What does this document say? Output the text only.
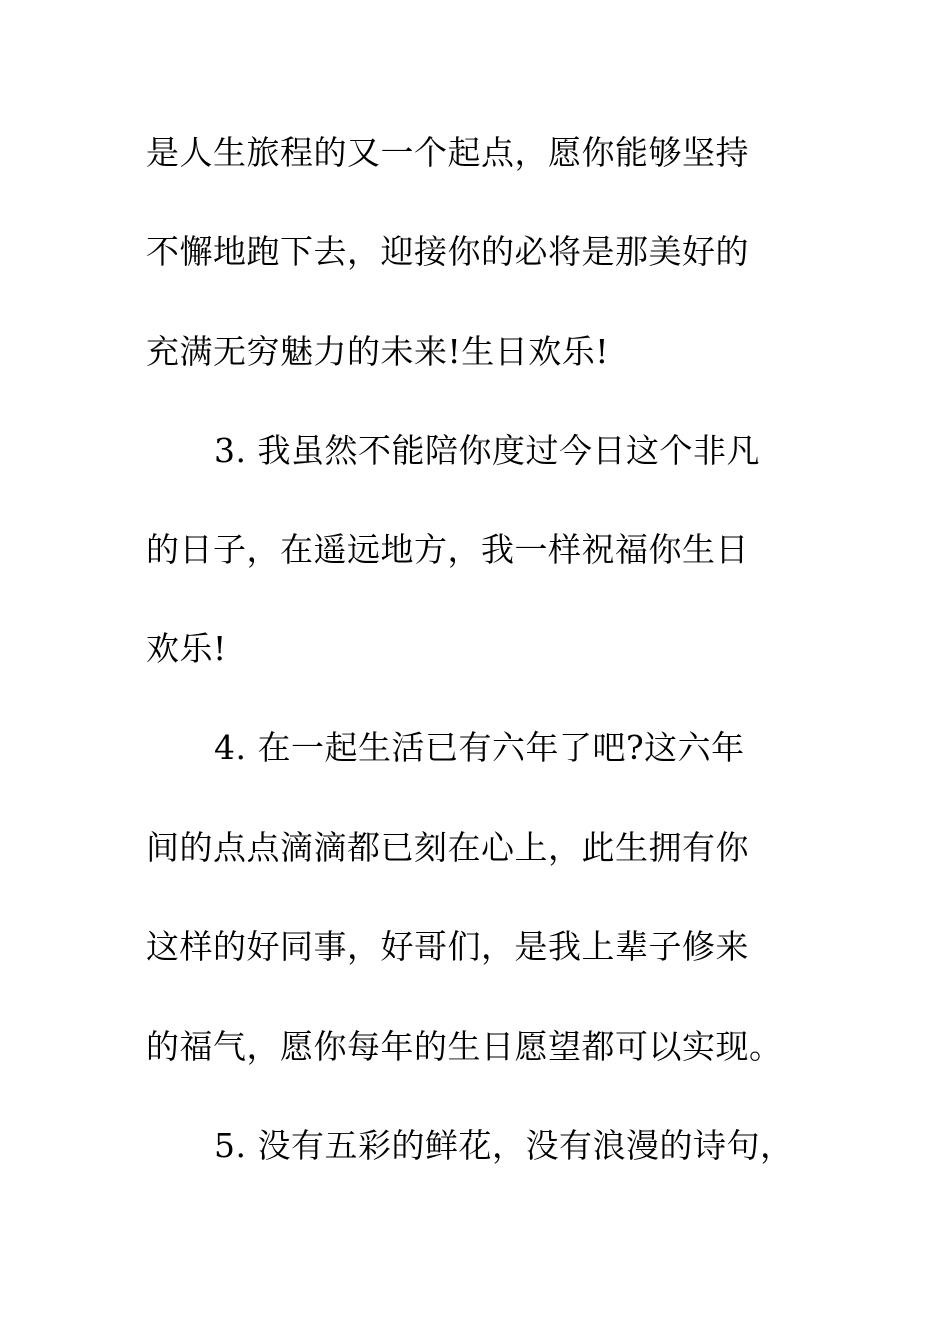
是人生旅程的又一个起点，愿你能够坚持
不懈地跑下去，迎接你的必将是那美好的
充满无穷魅力的未来!生日欢乐!
3. 我虽然不能陪你度过今日这个非凡
的日子，在遥远地方，我一样祝福你生日
欢乐!
4. 在一起生活已有六年了吧?这六年
间的点点滴滴都已刻在心上，此生拥有你
这样的好同事，好哥们，是我上辈子修来
的福气，愿你每年的生日愿望都可以实现。
5. 没有五彩的鲜花，没有浪漫的诗句，
